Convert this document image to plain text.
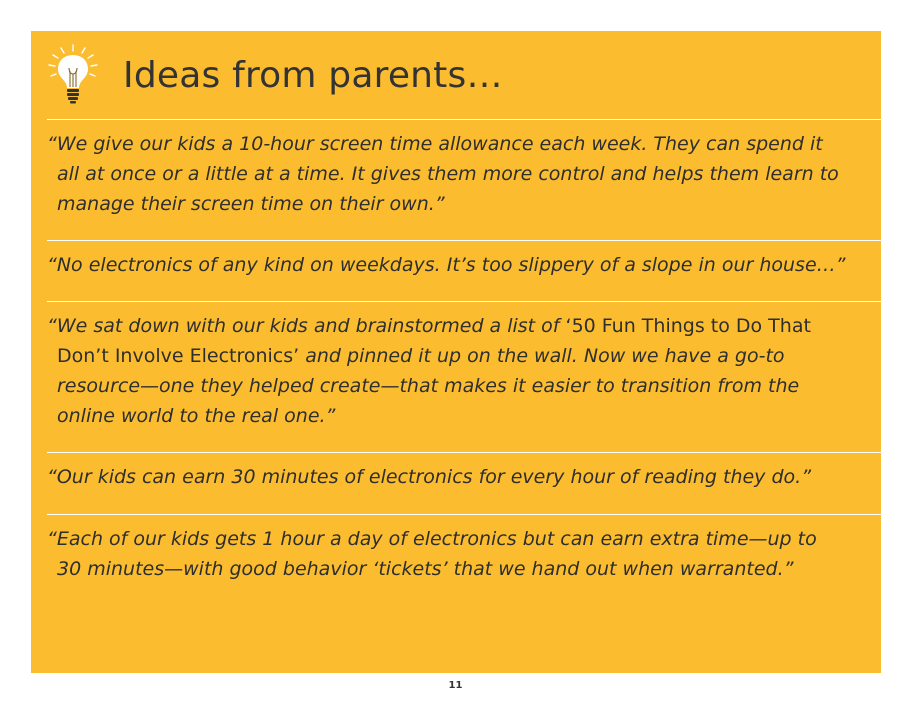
Ideas from parents…

“We give our kids a 10-hour screen time allowance each week. They can spend it
all at once or a little at a time. It gives them more control and helps them learn to
manage their screen time on their own.”

“No electronics of any kind on weekdays. It’s too slippery of a slope in our house…”

“We sat down with our kids and brainstormed a list of ‘50 Fun Things to Do That
Don’t Involve Electronics’ and pinned it up on the wall. Now we have a go-to
resource—one they helped create—that makes it easier to transition from the
online world to the real one.”

“Our kids can earn 30 minutes of electronics for every hour of reading they do.”

“Each of our kids gets 1 hour a day of electronics but can earn extra time—up to
30 minutes—with good behavior ‘tickets’ that we hand out when warranted.”

11
